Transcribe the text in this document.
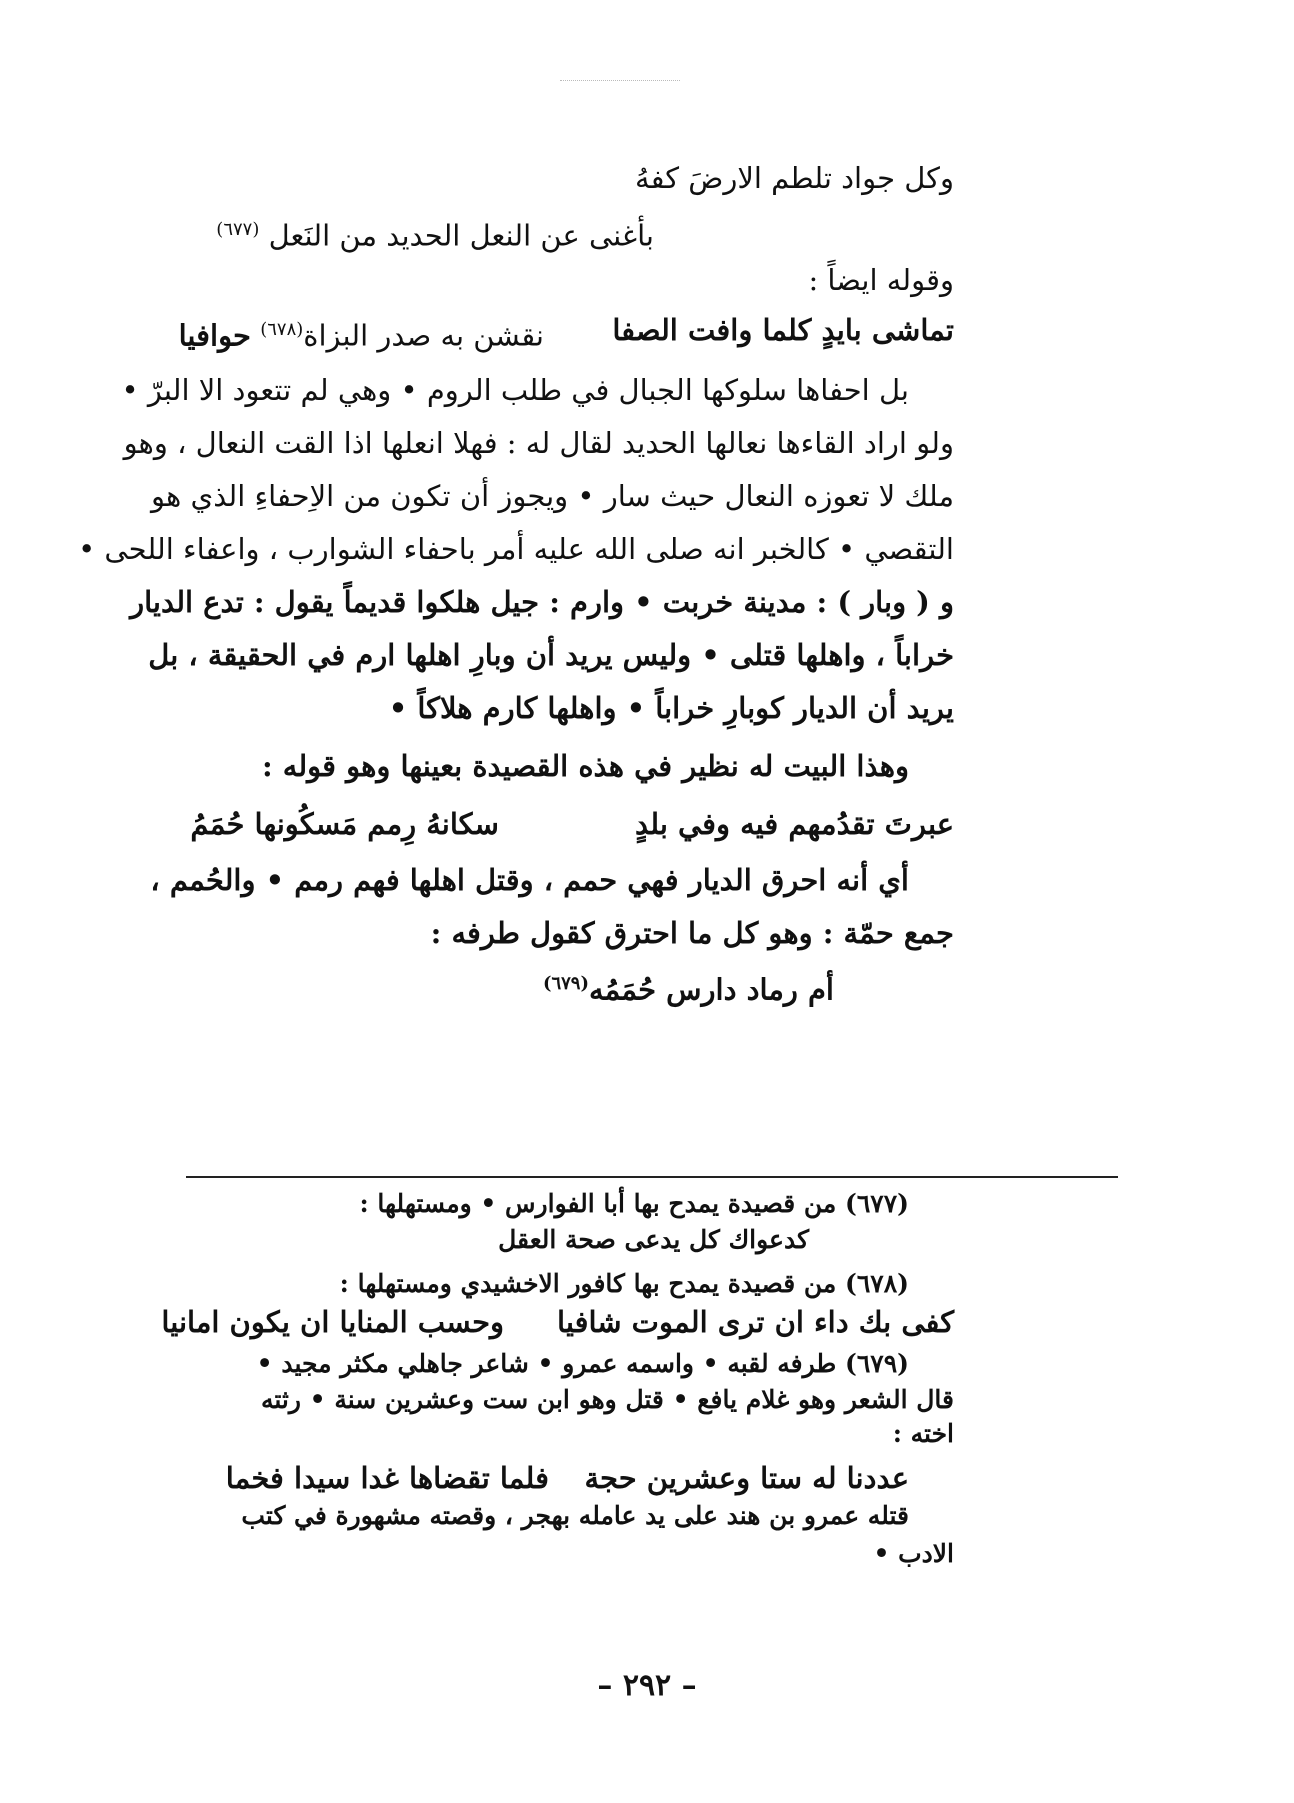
وكل جواد تلطم الارضَ كفهُ
بأغنى عن النعل الحديد من النَعل $^{(٦٧٧)}$
وقوله ايضاً :
تماشى بايدٍ كلما وافت الصفا
نقشن به صدر البزاة$^{(٦٧٨)}$ حوافيا
بل احفاها سلوكها الجبال في طلب الروم • وهي لم تتعود الا البرّ •
ولو اراد القاءها نعالها الحديد لقال له : فهلا انعلها اذا القت النعال ، وهو
ملك لا تعوزه النعال حيث سار • ويجوز أن تكون من الاِحفاءِ الذي هو
التقصي • كالخبر انه صلى الله عليه أمر باحفاء الشوارب ، واعفاء اللحى •
و ( وبار ) : مدينة خربت • وارم : جيل هلكوا قديماً يقول : تدع الديار
خراباً ، واهلها قتلى • وليس يريد أن وبارِ اهلها ارم في الحقيقة ، بل
يريد أن الديار كوبارِ خراباً • واهلها كارم هلاكاً •
وهذا البيت له نظير في هذه القصيدة بعينها وهو قوله :
عبرتَ تقدُمهم فيه وفي بلدٍ
سكانهُ رِمم مَسكُونها حُمَمُ
أي أنه احرق الديار فهي حمم ، وقتل اهلها فهم رمم • والحُمم ،
جمع حمّة : وهو كل ما احترق كقول طرفه :
أم رماد دارس حُمَمُه$^{(٦٧٩)}$
(٦٧٧) من قصيدة يمدح بها أبا الفوارس • ومستهلها :
كدعواك كل يدعى صحة العقل
(٦٧٨) من قصيدة يمدح بها كافور الاخشيدي ومستهلها :
كفى بك داء ان ترى الموت شافيا
وحسب المنايا ان يكون امانيا
(٦٧٩) طرفه لقبه • واسمه عمرو • شاعر جاهلي مكثر مجيد •
قال الشعر وهو غلام يافع • قتل وهو ابن ست وعشرين سنة • رثته
اخته :
عددنا له ستا وعشرين حجة
فلما تقضاها غدا سيدا فخما
قتله عمرو بن هند على يد عامله بهجر ، وقصته مشهورة في كتب
الادب •
– ٢٩٢ –
